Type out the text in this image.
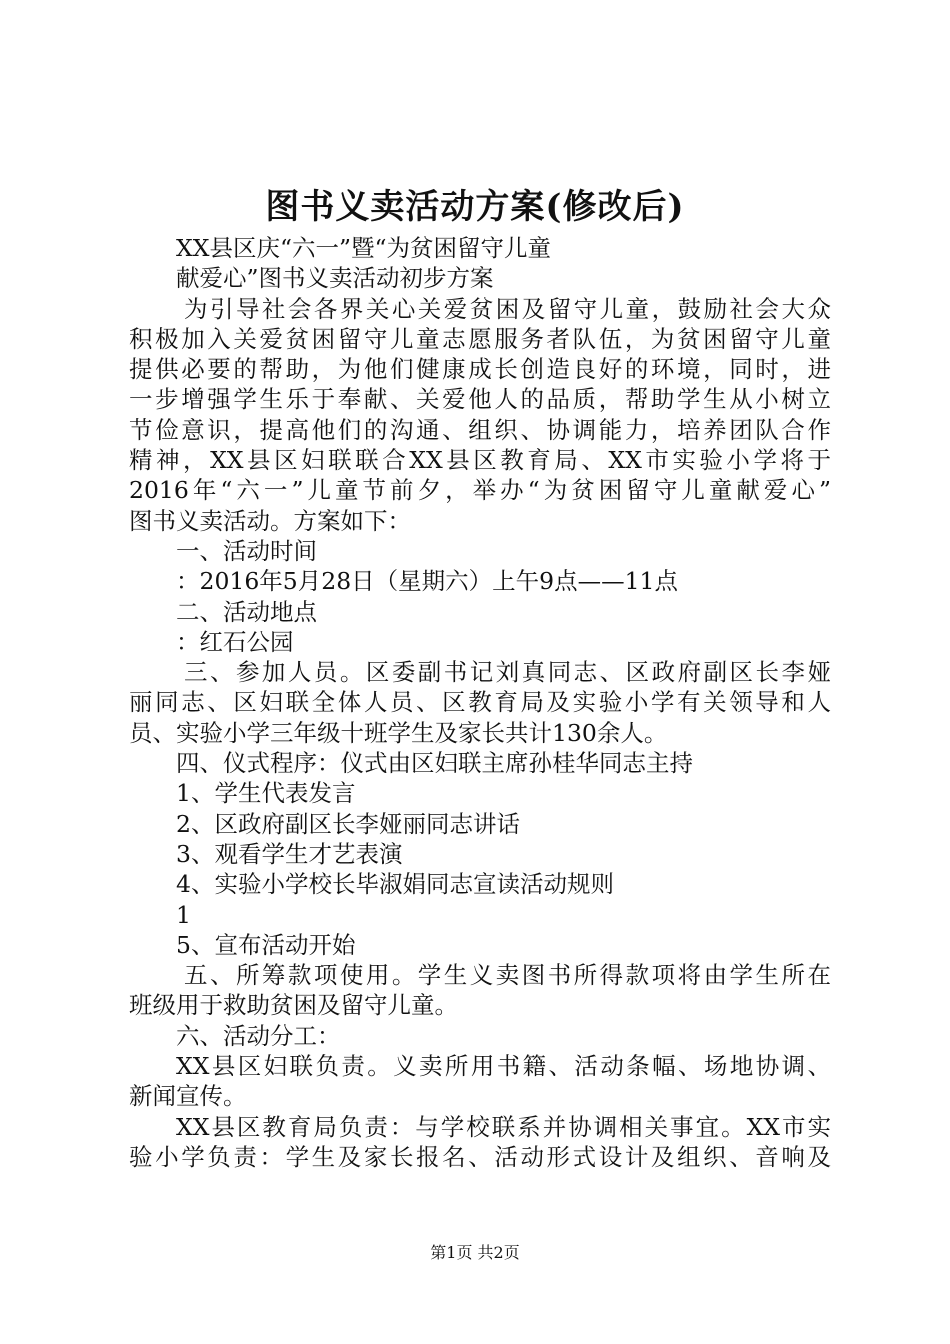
图书义卖活动方案(修改后)
XX县区庆“六一”暨“为贫困留守儿童
献爱心”图书义卖活动初步方案
为引导社会各界关心关爱贫困及留守儿童，鼓励社会大众
积极加入关爱贫困留守儿童志愿服务者队伍，为贫困留守儿童
提供必要的帮助，为他们健康成长创造良好的环境，同时，进
一步增强学生乐于奉献、关爱他人的品质，帮助学生从小树立
节俭意识，提高他们的沟通、组织、协调能力，培养团队合作
精神，XX县区妇联联合XX县区教育局、XX市实验小学将于
2016年“六一”儿童节前夕，举办“为贫困留守儿童献爱心”
图书义卖活动。方案如下：
一、活动时间
：2016年5月28日（星期六）上午9点——11点
二、活动地点
：红石公园
三、参加人员。区委副书记刘真同志、区政府副区长李娅
丽同志、区妇联全体人员、区教育局及实验小学有关领导和人
员、实验小学三年级十班学生及家长共计130余人。
四、仪式程序：仪式由区妇联主席孙桂华同志主持
1、学生代表发言
2、区政府副区长李娅丽同志讲话
3、观看学生才艺表演
4、实验小学校长毕淑娟同志宣读活动规则
1
5、宣布活动开始
五、所筹款项使用。学生义卖图书所得款项将由学生所在
班级用于救助贫困及留守儿童。
六、活动分工：
XX县区妇联负责。义卖所用书籍、活动条幅、场地协调、
新闻宣传。
XX县区教育局负责：与学校联系并协调相关事宜。XX市实
验小学负责：学生及家长报名、活动形式设计及组织、音响及
第1页 共2页
